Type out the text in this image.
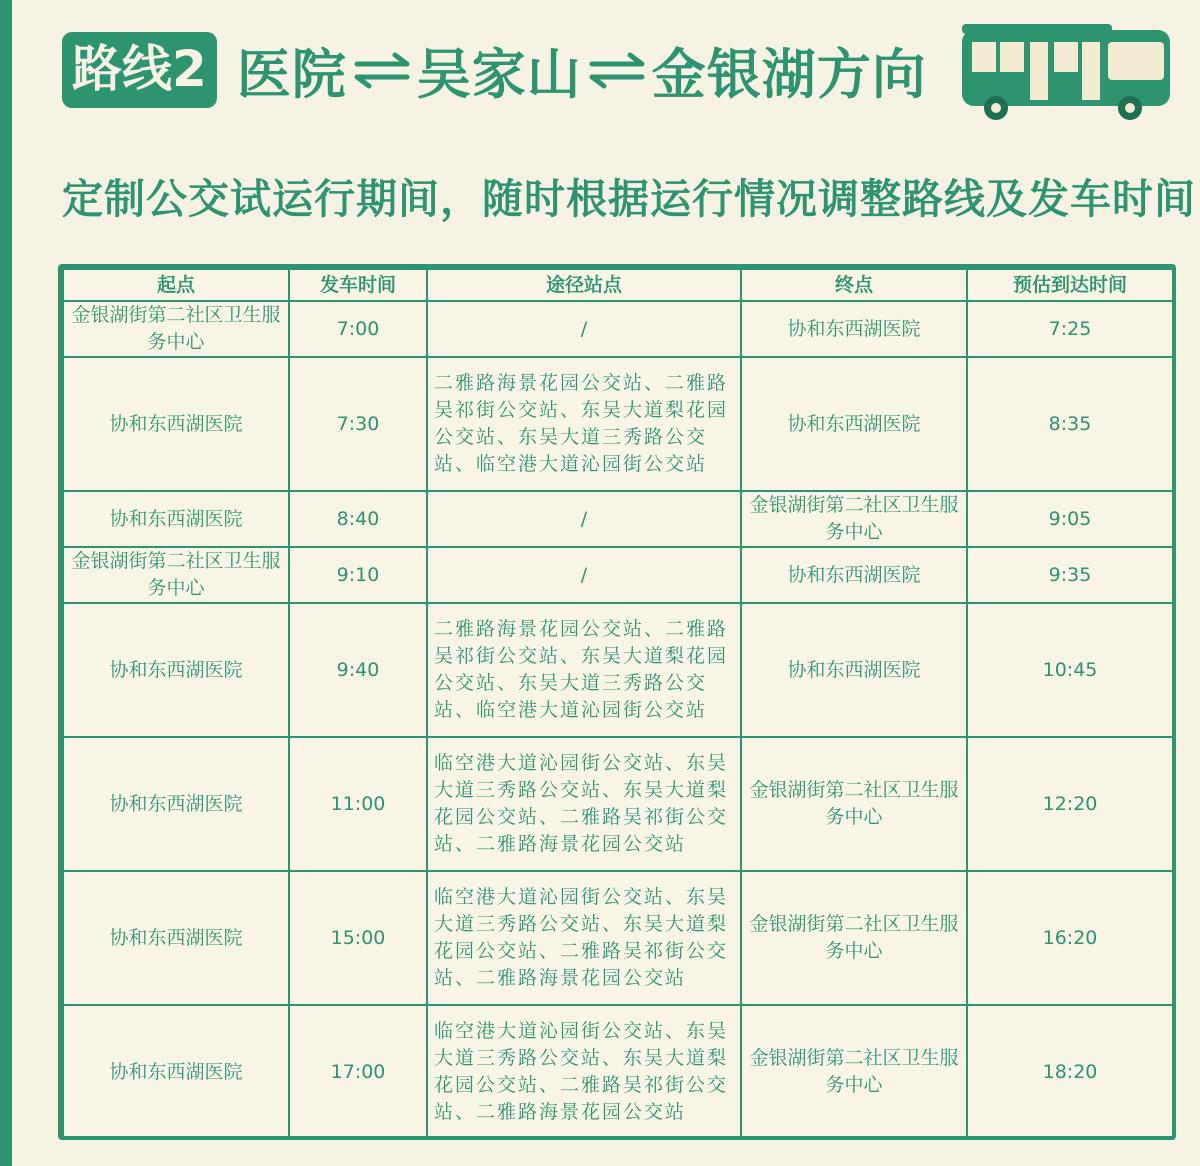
路线2 医院 吴家山 金银湖方向
定制公交试运行期间，随时根据运行情况调整路线及发车时间
起点	发车时间	途径站点	终点	预估到达时间
金银湖街第二社区卫生服务中心	7:00	/	协和东西湖医院	7:25
协和东西湖医院	7:30	二雅路海景花园公交站、二雅路吴祁街公交站、东吴大道梨花园公交站、东吴大道三秀路公交站、临空港大道沁园街公交站	协和东西湖医院	8:35
协和东西湖医院	8:40	/	金银湖街第二社区卫生服务中心	9:05
金银湖街第二社区卫生服务中心	9:10	/	协和东西湖医院	9:35
协和东西湖医院	9:40	二雅路海景花园公交站、二雅路吴祁街公交站、东吴大道梨花园公交站、东吴大道三秀路公交站、临空港大道沁园街公交站	协和东西湖医院	10:45
协和东西湖医院	11:00	临空港大道沁园街公交站、东吴大道三秀路公交站、东吴大道梨花园公交站、二雅路吴祁街公交站、二雅路海景花园公交站	金银湖街第二社区卫生服务中心	12:20
协和东西湖医院	15:00	临空港大道沁园街公交站、东吴大道三秀路公交站、东吴大道梨花园公交站、二雅路吴祁街公交站、二雅路海景花园公交站	金银湖街第二社区卫生服务中心	16:20
协和东西湖医院	17:00	临空港大道沁园街公交站、东吴大道三秀路公交站、东吴大道梨花园公交站、二雅路吴祁街公交站、二雅路海景花园公交站	金银湖街第二社区卫生服务中心	18:20
